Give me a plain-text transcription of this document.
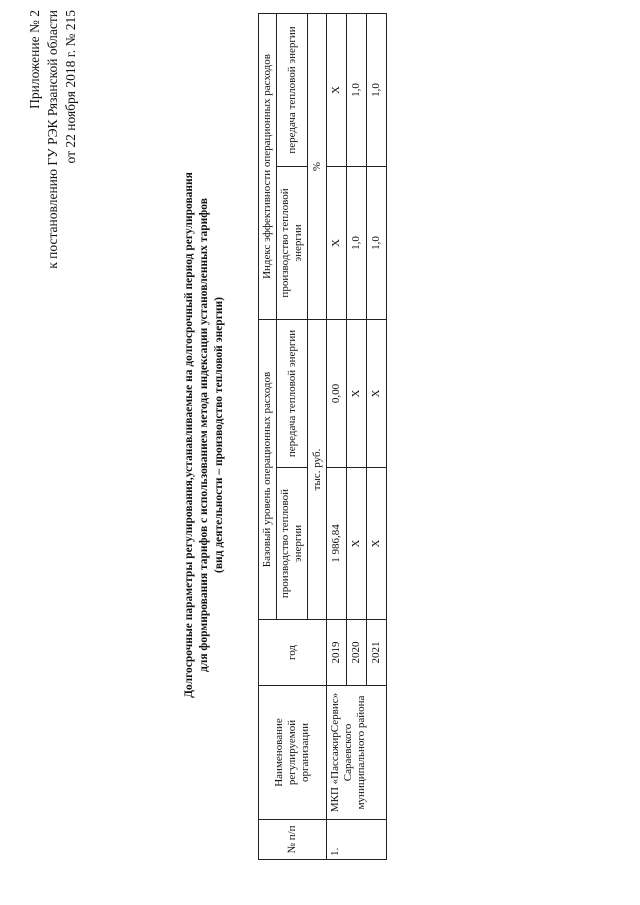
Приложение № 2 к постановлению ГУ РЭК Рязанской области от 22 ноября 2018 г. № 215
Долгосрочные параметры регулирования,устанавливаемые на долгосрочный период регулирования для формирования тарифов с использованием метода индексации установленных тарифов (вид деятельности – производство тепловой энергии)
№ п/п	Наименование регулируемой организации	год	Базовый уровень операционных расходов		Индекс эффективности операционных расходов	
			производство тепловой энергии	передача тепловой энергии	производство тепловой энергии	передача тепловой энергии
			тыс. руб.		%	
1.	МКП «ПассажирСервис» Сараевского муниципального района	2019	1 986,84	0,00	X	X
		2020	X	X	1,0	1,0
		2021	X	X	1,0	1,0
